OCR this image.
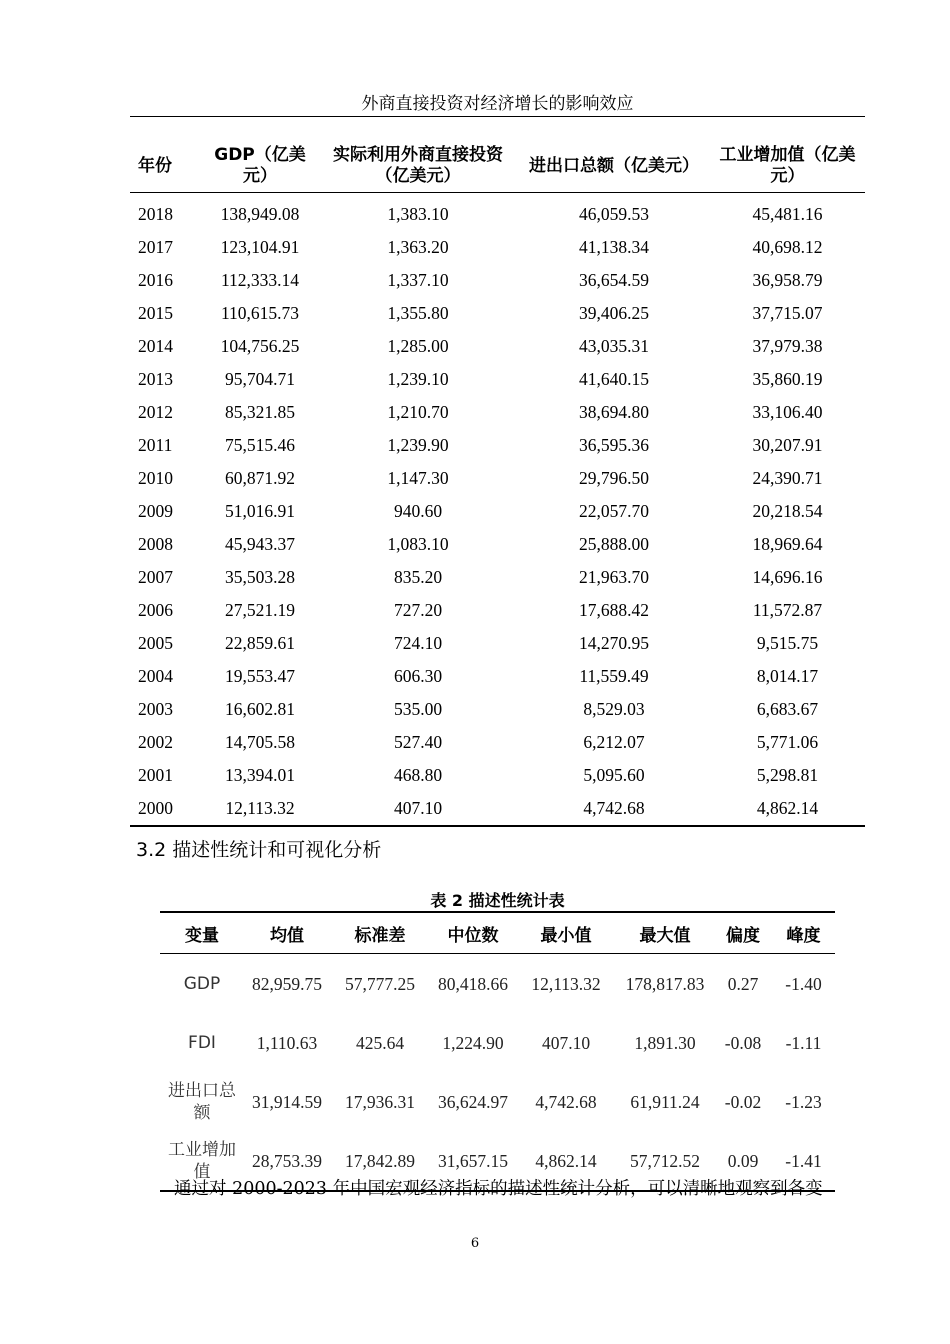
外商直接投资对经济增长的影响效应
年份	GDP（亿美元）	实际利用外商直接投资（亿美元）	进出口总额（亿美元）	工业增加值（亿美元）
2018	138,949.08	1,383.10	46,059.53	45,481.16
2017	123,104.91	1,363.20	41,138.34	40,698.12
2016	112,333.14	1,337.10	36,654.59	36,958.79
2015	110,615.73	1,355.80	39,406.25	37,715.07
2014	104,756.25	1,285.00	43,035.31	37,979.38
2013	95,704.71	1,239.10	41,640.15	35,860.19
2012	85,321.85	1,210.70	38,694.80	33,106.40
2011	75,515.46	1,239.90	36,595.36	30,207.91
2010	60,871.92	1,147.30	29,796.50	24,390.71
2009	51,016.91	940.60	22,057.70	20,218.54
2008	45,943.37	1,083.10	25,888.00	18,969.64
2007	35,503.28	835.20	21,963.70	14,696.16
2006	27,521.19	727.20	17,688.42	11,572.87
2005	22,859.61	724.10	14,270.95	9,515.75
2004	19,553.47	606.30	11,559.49	8,014.17
2003	16,602.81	535.00	8,529.03	6,683.67
2002	14,705.58	527.40	6,212.07	5,771.06
2001	13,394.01	468.80	5,095.60	5,298.81
2000	12,113.32	407.10	4,742.68	4,862.14
3.2 描述性统计和可视化分析
表 2 描述性统计表
变量	均值	标准差	中位数	最小值	最大值	偏度	峰度
GDP	82,959.75	57,777.25	80,418.66	12,113.32	178,817.83	0.27	-1.40
FDI	1,110.63	425.64	1,224.90	407.10	1,891.30	-0.08	-1.11
进出口总额	31,914.59	17,936.31	36,624.97	4,742.68	61,911.24	-0.02	-1.23
工业增加值	28,753.39	17,842.89	31,657.15	4,862.14	57,712.52	0.09	-1.41
通过对 2000-2023 年中国宏观经济指标的描述性统计分析，可以清晰地观察到各变
6
